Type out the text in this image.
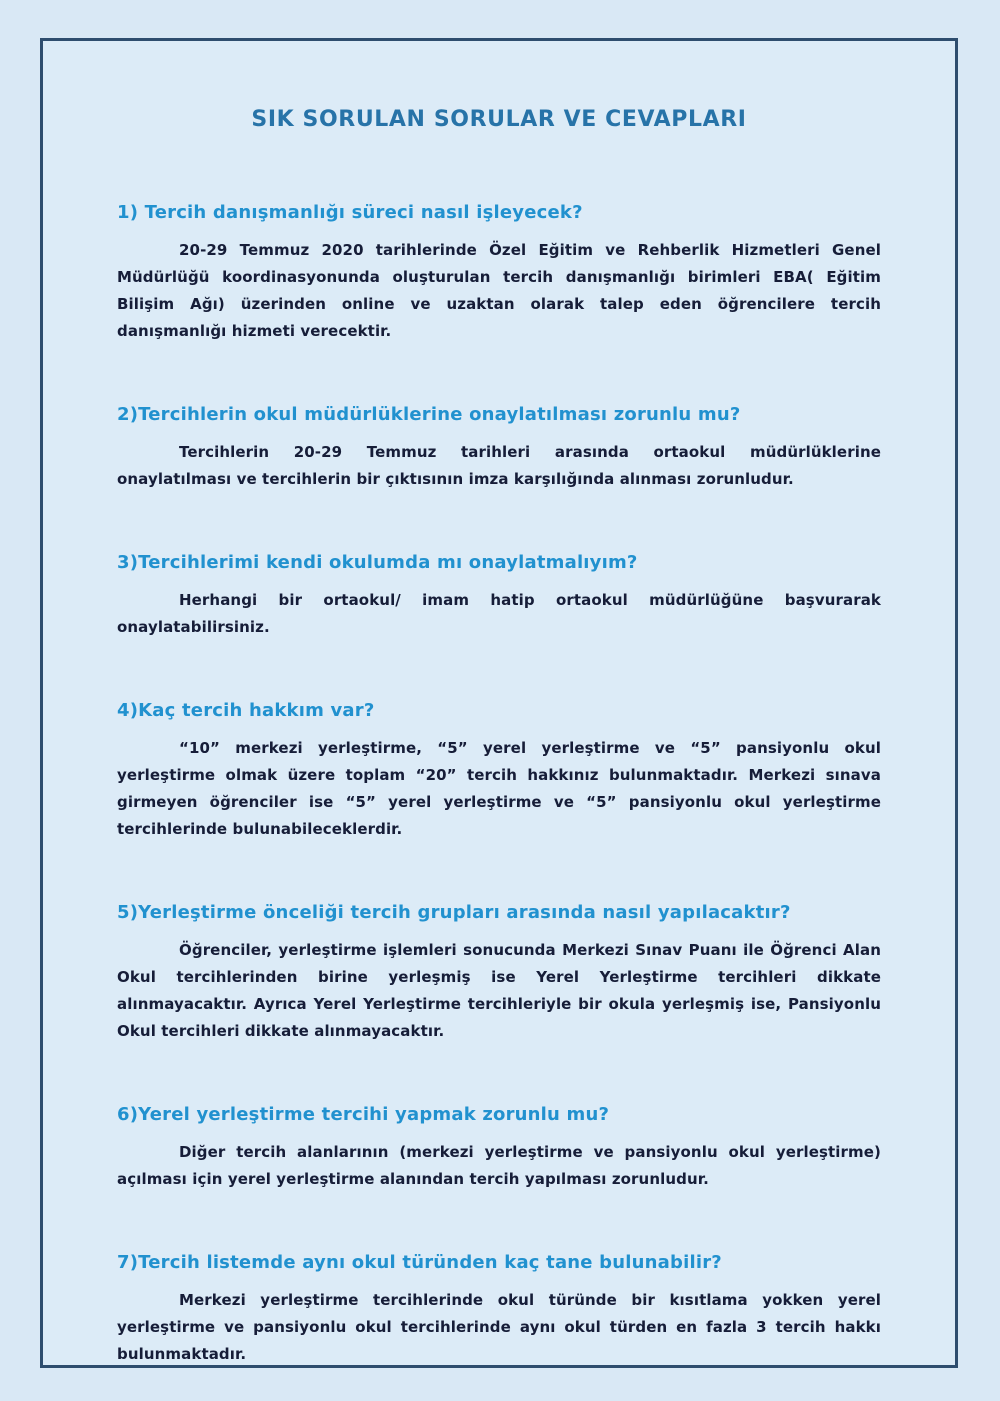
SIK SORULAN SORULAR VE CEVAPLARI
1) Tercih danışmanlığı süreci nasıl işleyecek?

20-29 Temmuz 2020 tarihlerinde Özel Eğitim ve Rehberlik Hizmetleri Genel Müdürlüğü koordinasyonunda oluşturulan tercih danışmanlığı birimleri EBA( Eğitim Bilişim Ağı) üzerinden online ve uzaktan olarak talep eden öğrencilere tercih danışmanlığı hizmeti verecektir.

2)Tercihlerin okul müdürlüklerine onaylatılması zorunlu mu?

Tercihlerin 20-29 Temmuz tarihleri arasında ortaokul müdürlüklerine onaylatılması ve tercihlerin bir çıktısının imza karşılığında alınması zorunludur.

3)Tercihlerimi kendi okulumda mı onaylatmalıyım?

Herhangi bir ortaokul/ imam hatip ortaokul müdürlüğüne başvurarak onaylatabilirsiniz.

4)Kaç tercih hakkım var?

“10” merkezi yerleştirme, “5” yerel yerleştirme ve “5” pansiyonlu okul yerleştirme olmak üzere toplam “20” tercih hakkınız bulunmaktadır. Merkezi sınava girmeyen öğrenciler ise “5” yerel yerleştirme ve “5” pansiyonlu okul yerleştirme tercihlerinde bulunabileceklerdir.

5)Yerleştirme önceliği tercih grupları arasında nasıl yapılacaktır?

Öğrenciler, yerleştirme işlemleri sonucunda Merkezi Sınav Puanı ile Öğrenci Alan Okul tercihlerinden birine yerleşmiş ise Yerel Yerleştirme tercihleri dikkate alınmayacaktır. Ayrıca Yerel Yerleştirme tercihleriyle bir okula yerleşmiş ise, Pansiyonlu Okul tercihleri dikkate alınmayacaktır.

6)Yerel yerleştirme tercihi yapmak zorunlu mu?

Diğer tercih alanlarının (merkezi yerleştirme ve pansiyonlu okul yerleştirme) açılması için yerel yerleştirme alanından tercih yapılması zorunludur.

7)Tercih listemde aynı okul türünden kaç tane bulunabilir?

Merkezi yerleştirme tercihlerinde okul türünde bir kısıtlama yokken yerel yerleştirme ve pansiyonlu okul tercihlerinde aynı okul türden en fazla 3 tercih hakkı bulunmaktadır.
